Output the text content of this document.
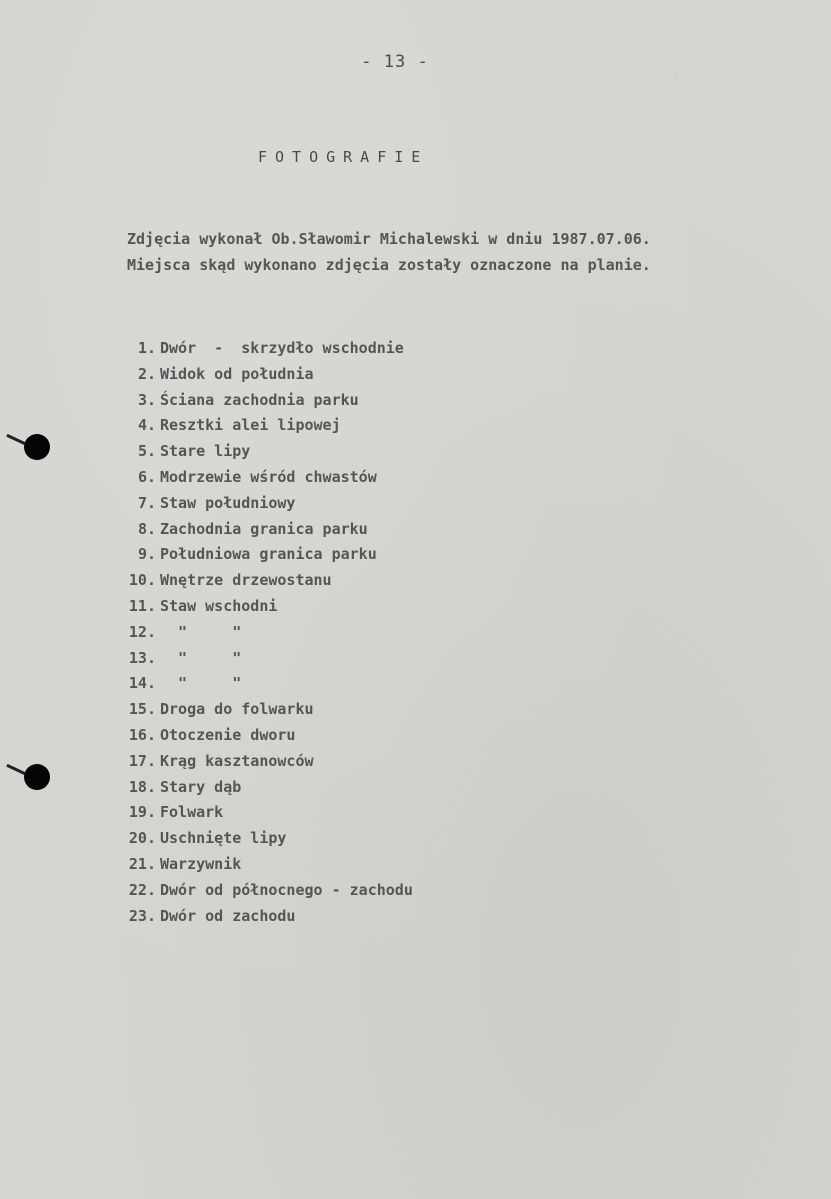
- 13 -
FOTOGRAFIE
Zdjęcia wykonał Ob.Sławomir Michalewski w dniu 1987.07.06.
Miejsca skąd wykonano zdjęcia zostały oznaczone na planie.
1. Dwór  -  skrzydło wschodnie
2. Widok od południa
3. Ściana zachodnia parku
4. Resztki alei lipowej
5. Stare lipy
6. Modrzewie wśród chwastów
7. Staw południowy
8. Zachodnia granica parku
9. Południowa granica parku
10. Wnętrze drzewostanu
11. Staw wschodni
12.  "     "
13.  "     "
14.  "     "
15. Droga do folwarku
16. Otoczenie dworu
17. Krąg kasztanowców
18. Stary dąb
19. Folwark
20. Uschnięte lipy
21. Warzywnik
22. Dwór od północnego - zachodu
23. Dwór od zachodu
